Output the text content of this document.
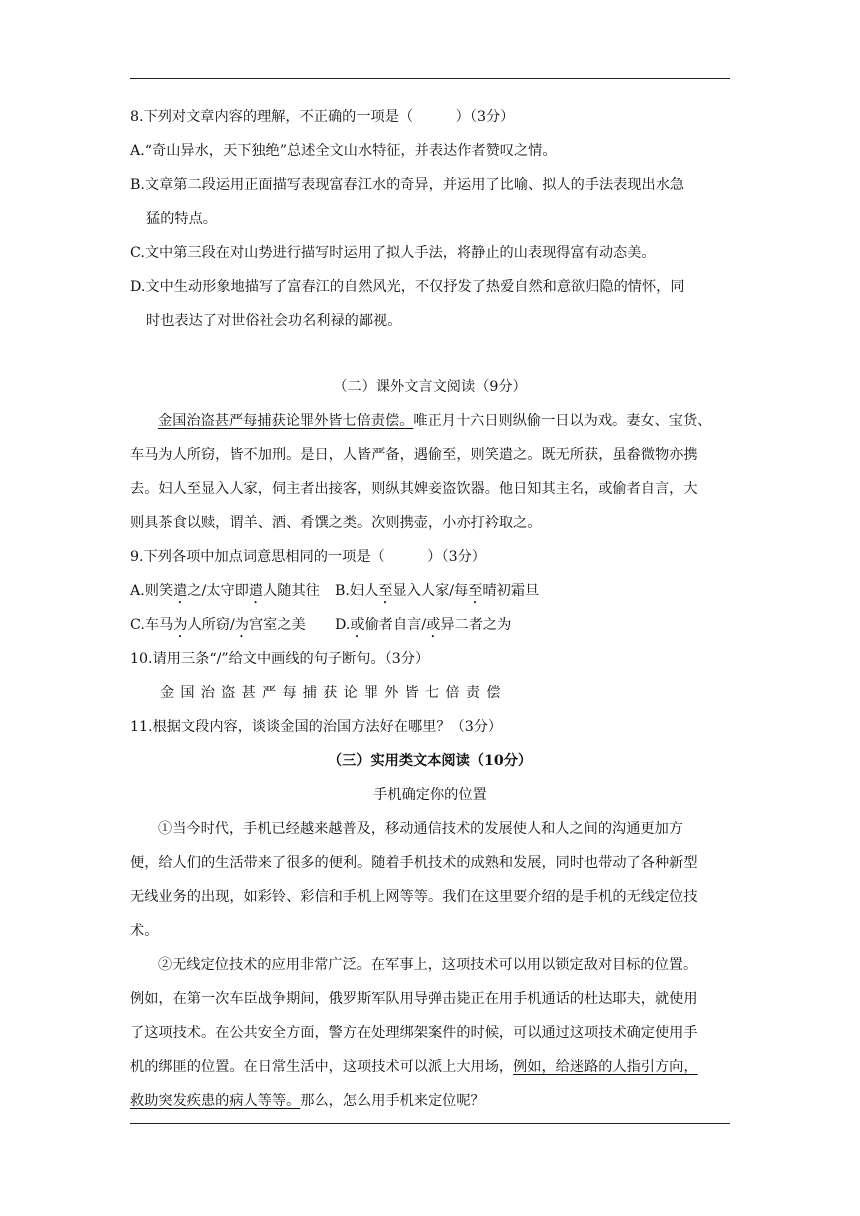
8.下列对文章内容的理解，不正确的一项是（　　　）（3分）
A.“奇山异水，天下独绝”总述全文山水特征，并表达作者赞叹之情。
B.文章第二段运用正面描写表现富春江水的奇异，并运用了比喻、拟人的手法表现出水急
猛的特点。
C.文中第三段在对山势进行描写时运用了拟人手法，将静止的山表现得富有动态美。
D.文中生动形象地描写了富春江的自然风光，不仅抒发了热爱自然和意欲归隐的情怀，同
时也表达了对世俗社会功名利禄的鄙视。
（二）课外文言文阅读（9分）
金国治盗甚严每捕获论罪外皆七倍责偿。唯正月十六日则纵偷一日以为戏。妻女、宝货、
车马为人所窃，皆不加刑。是日，人皆严备，遇偷至，则笑遣之。既无所获，虽畚微物亦携
去。妇人至显入人家，伺主者出接客，则纵其婢妾盗饮器。他日知其主名，或偷者自言，大
则具茶食以赎，谓羊、酒、肴馔之类。次则携壶，小亦打衿取之。
9.下列各项中加点词意思相同的一项是（　　　）（3分）
A.则笑遣之/太守即遣人随其往 B.妇人至显入人家/每至晴初霜旦
C.车马为人所窃/为宫室之美 D.或偷者自言/或异二者之为
10.请用三条“/”给文中画线的句子断句。（3分）
金国治盗甚严每捕获论罪外皆七倍责偿
11.根据文段内容，谈谈金国的治国方法好在哪里？（3分）
（三）实用类文本阅读（10分）
手机确定你的位置
①当今时代，手机已经越来越普及，移动通信技术的发展使人和人之间的沟通更加方
便，给人们的生活带来了很多的便利。随着手机技术的成熟和发展，同时也带动了各种新型
无线业务的出现，如彩铃、彩信和手机上网等等。我们在这里要介绍的是手机的无线定位技
术。
②无线定位技术的应用非常广泛。在军事上，这项技术可以用以锁定敌对目标的位置。
例如，在第一次车臣战争期间，俄罗斯军队用导弹击毙正在用手机通话的杜达耶夫，就使用
了这项技术。在公共安全方面，警方在处理绑架案件的时候，可以通过这项技术确定使用手
机的绑匪的位置。在日常生活中，这项技术可以派上大用场，例如，给迷路的人指引方向，
救助突发疾患的病人等等。那么，怎么用手机来定位呢？
